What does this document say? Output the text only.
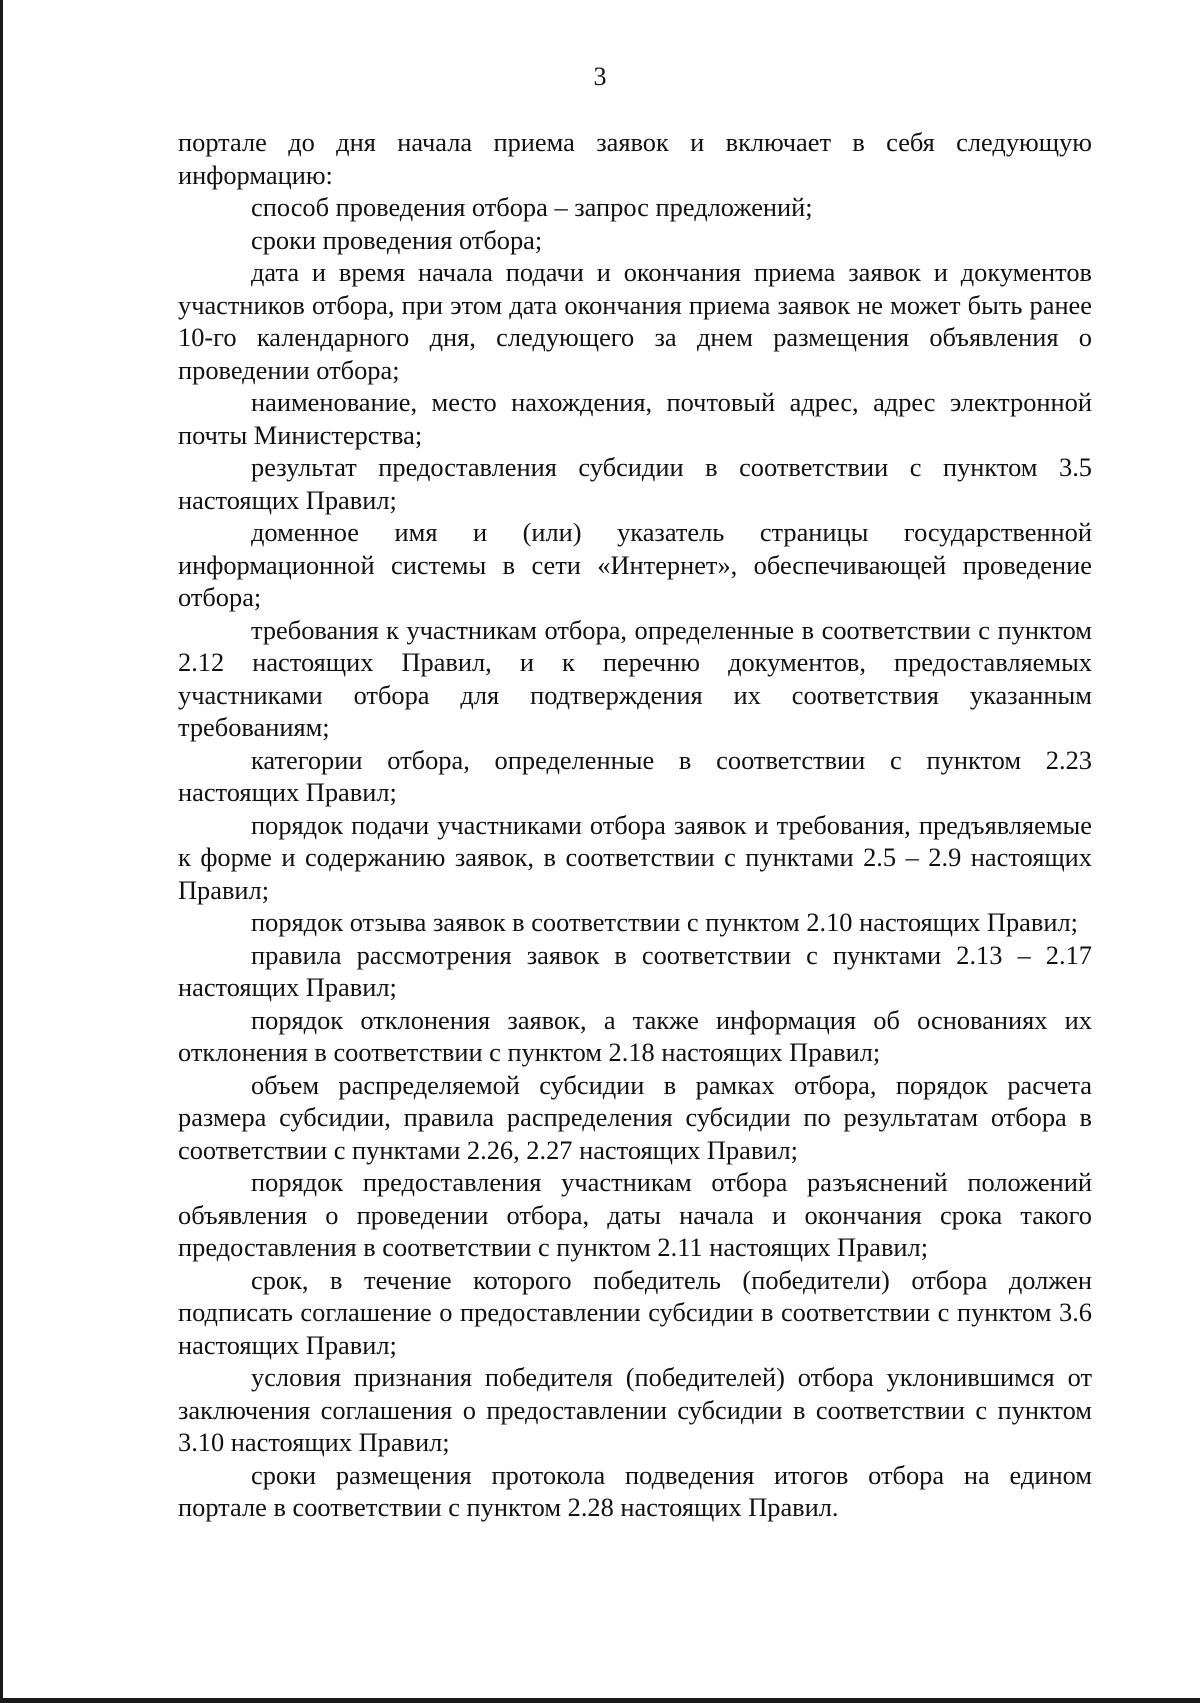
3

портале до дня начала приема заявок и включает в себя следующую информацию:

способ проведения отбора – запрос предложений;

сроки проведения отбора;

дата и время начала подачи и окончания приема заявок и документов участников отбора, при этом дата окончания приема заявок не может быть ранее 10-го календарного дня, следующего за днем размещения объявления о проведении отбора;

наименование, место нахождения, почтовый адрес, адрес электронной почты Министерства;

результат предоставления субсидии в соответствии с пунктом 3.5 настоящих Правил;

доменное имя и (или) указатель страницы государственной информационной системы в сети «Интернет», обеспечивающей проведение отбора;

требования к участникам отбора, определенные в соответствии с пунктом 2.12 настоящих Правил, и к перечню документов, предоставляемых участниками отбора для подтверждения их соответствия указанным требованиям;

категории отбора, определенные в соответствии с пунктом 2.23 настоящих Правил;

порядок подачи участниками отбора заявок и требования, предъявляемые к форме и содержанию заявок, в соответствии с пунктами 2.5 – 2.9 настоящих Правил;

порядок отзыва заявок в соответствии с пунктом 2.10 настоящих Правил;

правила рассмотрения заявок в соответствии с пунктами 2.13 – 2.17 настоящих Правил;

порядок отклонения заявок, а также информация об основаниях их отклонения в соответствии с пунктом 2.18 настоящих Правил;

объем распределяемой субсидии в рамках отбора, порядок расчета размера субсидии, правила распределения субсидии по результатам отбора в соответствии с пунктами 2.26, 2.27 настоящих Правил;

порядок предоставления участникам отбора разъяснений положений объявления о проведении отбора, даты начала и окончания срока такого предоставления в соответствии с пунктом 2.11 настоящих Правил;

срок, в течение которого победитель (победители) отбора должен подписать соглашение о предоставлении субсидии в соответствии с пунктом 3.6 настоящих Правил;

условия признания победителя (победителей) отбора уклонившимся от заключения соглашения о предоставлении субсидии в соответствии с пунктом 3.10 настоящих Правил;

сроки размещения протокола подведения итогов отбора на едином портале в соответствии с пунктом 2.28 настоящих Правил.
